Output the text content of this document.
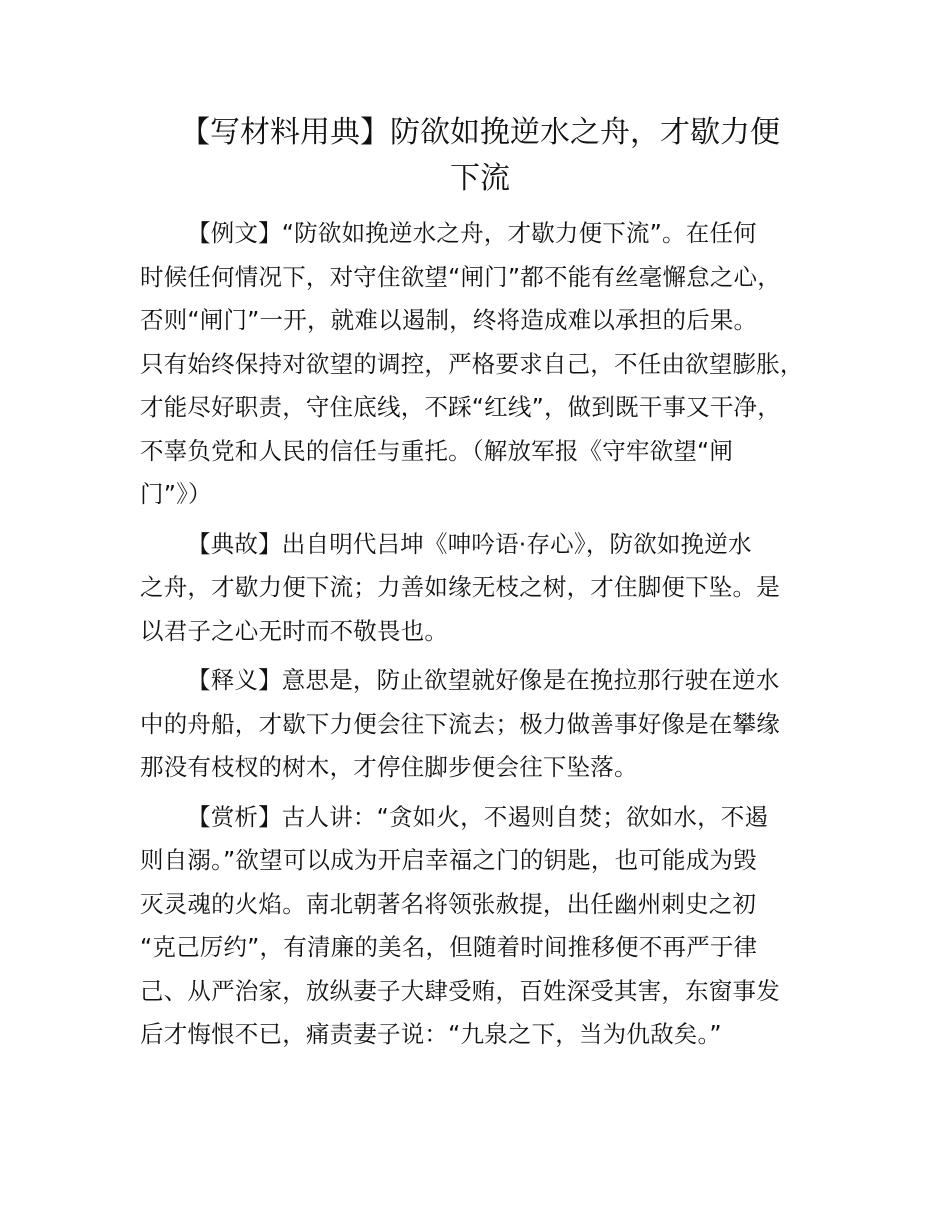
【写材料用典】防欲如挽逆水之舟，才歇力便
下流

【例文】“防欲如挽逆水之舟，才歇力便下流”。在任何
时候任何情况下，对守住欲望“闸门”都不能有丝毫懈怠之心，
否则“闸门”一开，就难以遏制，终将造成难以承担的后果。
只有始终保持对欲望的调控，严格要求自己，不任由欲望膨胀，
才能尽好职责，守住底线，不踩“红线”，做到既干事又干净，
不辜负党和人民的信任与重托。（解放军报《守牢欲望“闸
门”》）

【典故】出自明代吕坤《呻吟语·存心》，防欲如挽逆水
之舟，才歇力便下流；力善如缘无枝之树，才住脚便下坠。是
以君子之心无时而不敬畏也。

【释义】意思是，防止欲望就好像是在挽拉那行驶在逆水
中的舟船，才歇下力便会往下流去；极力做善事好像是在攀缘
那没有枝杈的树木，才停住脚步便会往下坠落。

【赏析】古人讲：“贪如火，不遏则自焚；欲如水，不遏
则自溺。”欲望可以成为开启幸福之门的钥匙，也可能成为毁
灭灵魂的火焰。南北朝著名将领张赦提，出任幽州刺史之初
“克己厉约”，有清廉的美名，但随着时间推移便不再严于律
己、从严治家，放纵妻子大肆受贿，百姓深受其害，东窗事发
后才悔恨不已，痛责妻子说：“九泉之下，当为仇敌矣。”
